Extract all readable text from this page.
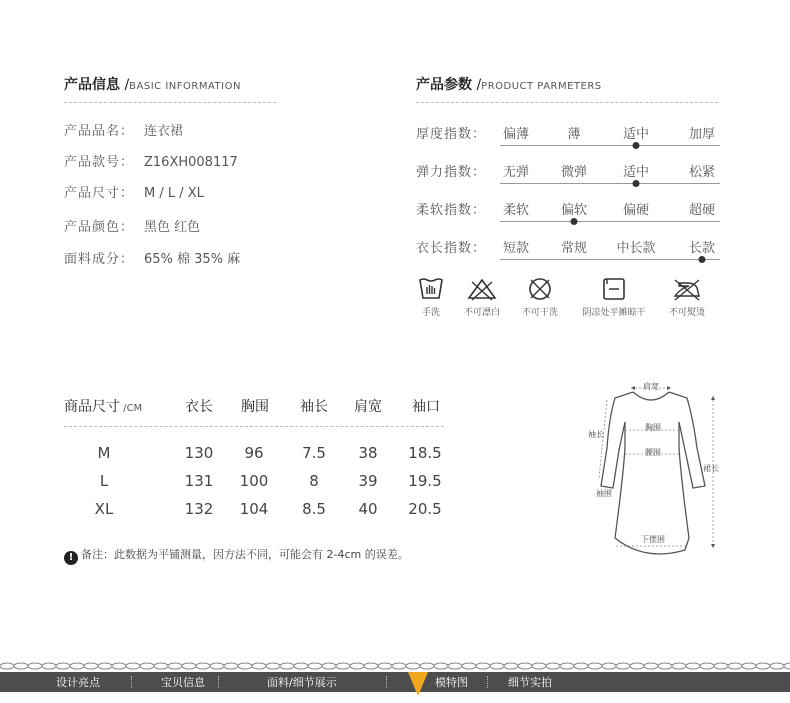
产品信息 /BASIC INFORMATION
产品品名： 连衣裙
产品款号： Z16XH008117
产品尺寸： M / L / XL
产品颜色： 黑色 红色
面料成分： 65% 棉 35% 麻
产品参数 /PRODUCT PARMETERS
厚度指数： 偏薄	薄	适中	加厚
弹力指数： 无弹 微弹	适中	松紧
柔软指数： 柔软 偏软	偏硬	超硬
衣长指数： 短款 常规 中长款	长款
手洗	不可漂白	不可干洗	阴凉处平摊晾干	不可熨烫
商品尺寸 /CM	衣长 胸围 袖长 肩宽 袖口
M	130 96	7.5 38 18.5
L	131 100	8	39 19.5
XL	132 104 8.5 40 20.5
! 备注：此数据为平铺测量，因方法不同，可能会有 2-4cm 的误差。
肩宽
袖长
胸围
腰围
裙长
袖围
下摆围
设计亮点	宝贝信息	面料/细节展示	模特图	细节实拍
